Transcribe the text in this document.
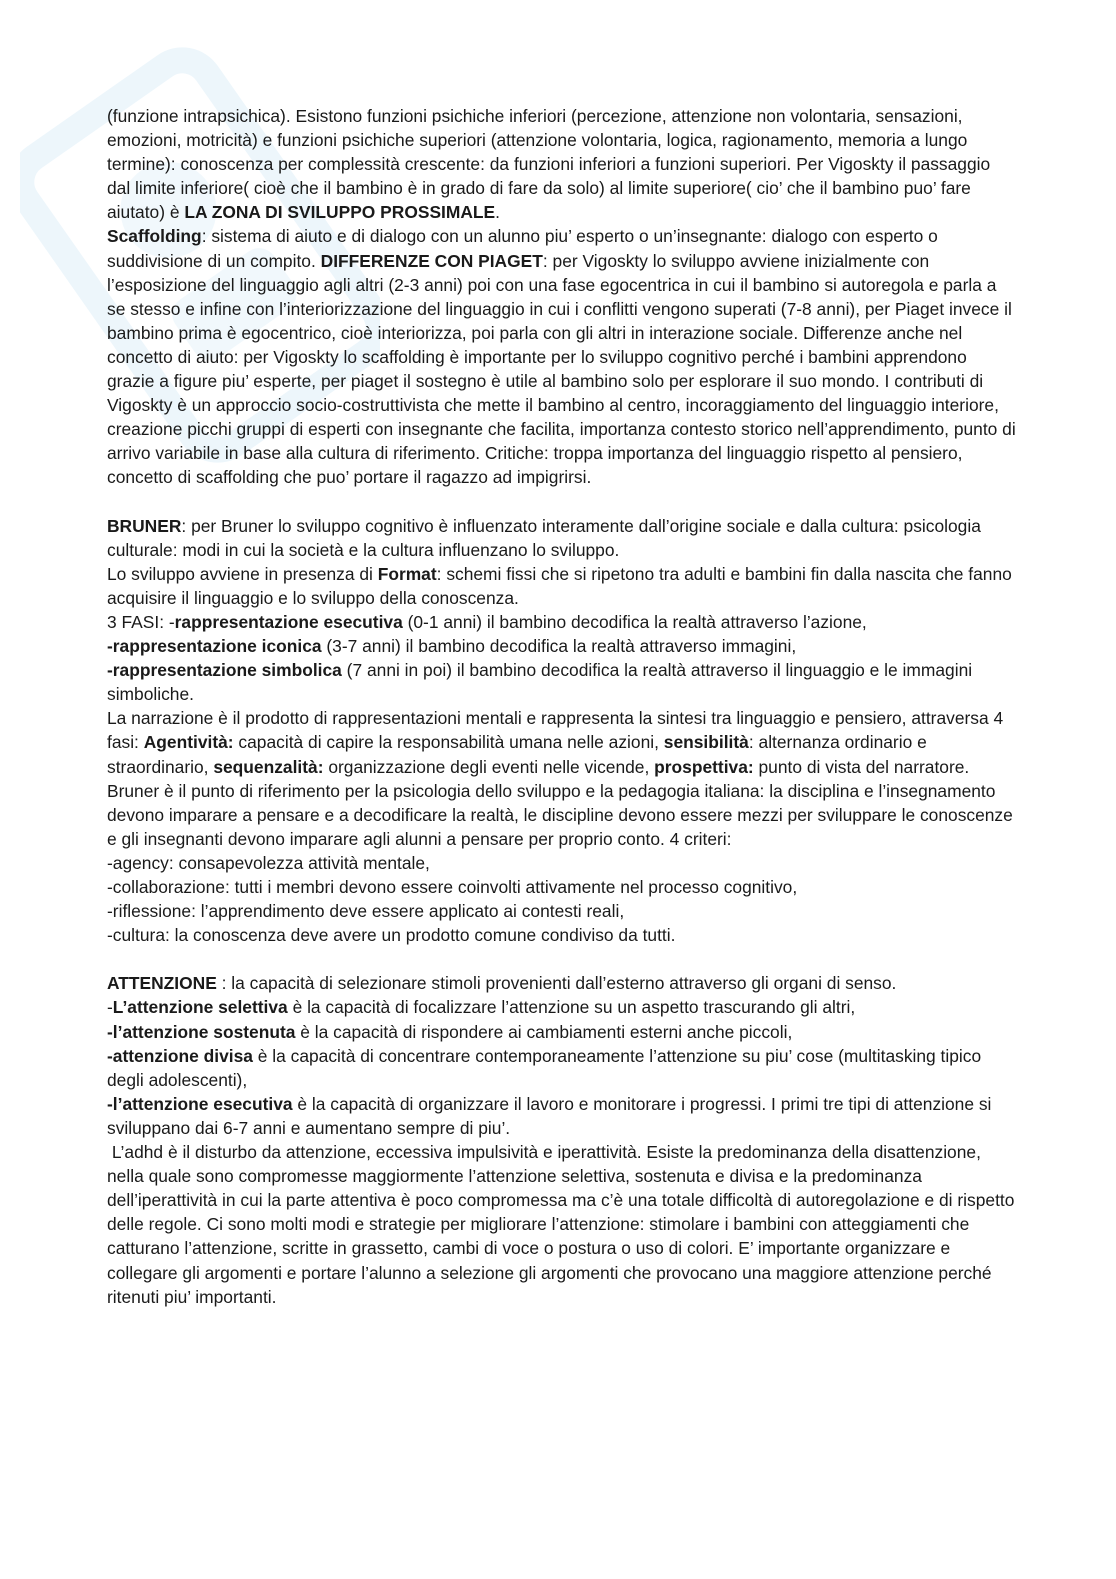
(funzione intrapsichica). Esistono funzioni psichiche inferiori (percezione, attenzione non volontaria, sensazioni, emozioni, motricità) e funzioni psichiche superiori (attenzione volontaria, logica, ragionamento, memoria a lungo termine): conoscenza per complessità crescente: da funzioni inferiori a funzioni superiori. Per Vigoskty il passaggio dal limite inferiore( cioè che il bambino è in grado di fare da solo) al limite superiore( cio’ che il bambino puo’ fare aiutato) è LA ZONA DI SVILUPPO PROSSIMALE.

Scaffolding: sistema di aiuto e di dialogo con un alunno piu’ esperto o un’insegnante: dialogo con esperto o suddivisione di un compito. DIFFERENZE CON PIAGET: per Vigoskty lo sviluppo avviene inizialmente con l’esposizione del linguaggio agli altri (2-3 anni) poi con una fase egocentrica in cui il bambino si autoregola e parla a se stesso e infine con l’interiorizzazione del linguaggio in cui i conflitti vengono superati (7-8 anni), per Piaget invece il bambino prima è egocentrico, cioè interiorizza, poi parla con gli altri in interazione sociale. Differenze anche nel concetto di aiuto: per Vigoskty lo scaffolding è importante per lo sviluppo cognitivo perché i bambini apprendono grazie a figure piu’ esperte, per piaget il sostegno è utile al bambino solo per esplorare il suo mondo. I contributi di Vigoskty è un approccio socio-costruttivista che mette il bambino al centro, incoraggiamento del linguaggio interiore, creazione picchi gruppi di esperti con insegnante che facilita, importanza contesto storico nell’apprendimento, punto di arrivo variabile in base alla cultura di riferimento. Critiche: troppa importanza del linguaggio rispetto al pensiero, concetto di scaffolding che puo’ portare il ragazzo ad impigrirsi.

BRUNER: per Bruner lo sviluppo cognitivo è influenzato interamente dall’origine sociale e dalla cultura: psicologia culturale: modi in cui la società e la cultura influenzano lo sviluppo.

Lo sviluppo avviene in presenza di Format: schemi fissi che si ripetono tra adulti e bambini fin dalla nascita che fanno acquisire il linguaggio e lo sviluppo della conoscenza.

3 FASI: -rappresentazione esecutiva (0-1 anni) il bambino decodifica la realtà attraverso l’azione,

-rappresentazione iconica (3-7 anni) il bambino decodifica la realtà attraverso immagini,

-rappresentazione simbolica (7 anni in poi) il bambino decodifica la realtà attraverso il linguaggio e le immagini simboliche.

La narrazione è il prodotto di rappresentazioni mentali e rappresenta la sintesi tra linguaggio e pensiero, attraversa 4 fasi: Agentività: capacità di capire la responsabilità umana nelle azioni, sensibilità: alternanza ordinario e straordinario, sequenzalità: organizzazione degli eventi nelle vicende, prospettiva: punto di vista del narratore. Bruner è il punto di riferimento per la psicologia dello sviluppo e la pedagogia italiana: la disciplina e l’insegnamento devono imparare a pensare e a decodificare la realtà, le discipline devono essere mezzi per sviluppare le conoscenze e gli insegnanti devono imparare agli alunni a pensare per proprio conto. 4 criteri:

-agency: consapevolezza attività mentale,

-collaborazione: tutti i membri devono essere coinvolti attivamente nel processo cognitivo,

-riflessione: l’apprendimento deve essere applicato ai contesti reali,

-cultura: la conoscenza deve avere un prodotto comune condiviso da tutti.

ATTENZIONE : la capacità di selezionare stimoli provenienti dall’esterno attraverso gli organi di senso.

-L’attenzione selettiva è la capacità di focalizzare l’attenzione su un aspetto trascurando gli altri,

-l’attenzione sostenuta è la capacità di rispondere ai cambiamenti esterni anche piccoli,

-attenzione divisa è la capacità di concentrare contemporaneamente l’attenzione su piu’ cose (multitasking tipico degli adolescenti),

-l’attenzione esecutiva è la capacità di organizzare il lavoro e monitorare i progressi. I primi tre tipi di attenzione si sviluppano dai 6-7 anni e aumentano sempre di piu’.

L’adhd è il disturbo da attenzione, eccessiva impulsività e iperattività. Esiste la predominanza della disattenzione, nella quale sono compromesse maggiormente l’attenzione selettiva, sostenuta e divisa e la predominanza  dell’iperattività in cui la parte attentiva è poco compromessa ma c’è una totale difficoltà di autoregolazione e di rispetto delle regole. Ci sono molti modi e strategie per migliorare l’attenzione: stimolare i bambini con atteggiamenti che catturano l’attenzione, scritte in grassetto, cambi di voce o postura o uso di colori. E’ importante organizzare e collegare gli argomenti e portare l’alunno a selezione gli argomenti che provocano una maggiore attenzione perché ritenuti piu’ importanti.
